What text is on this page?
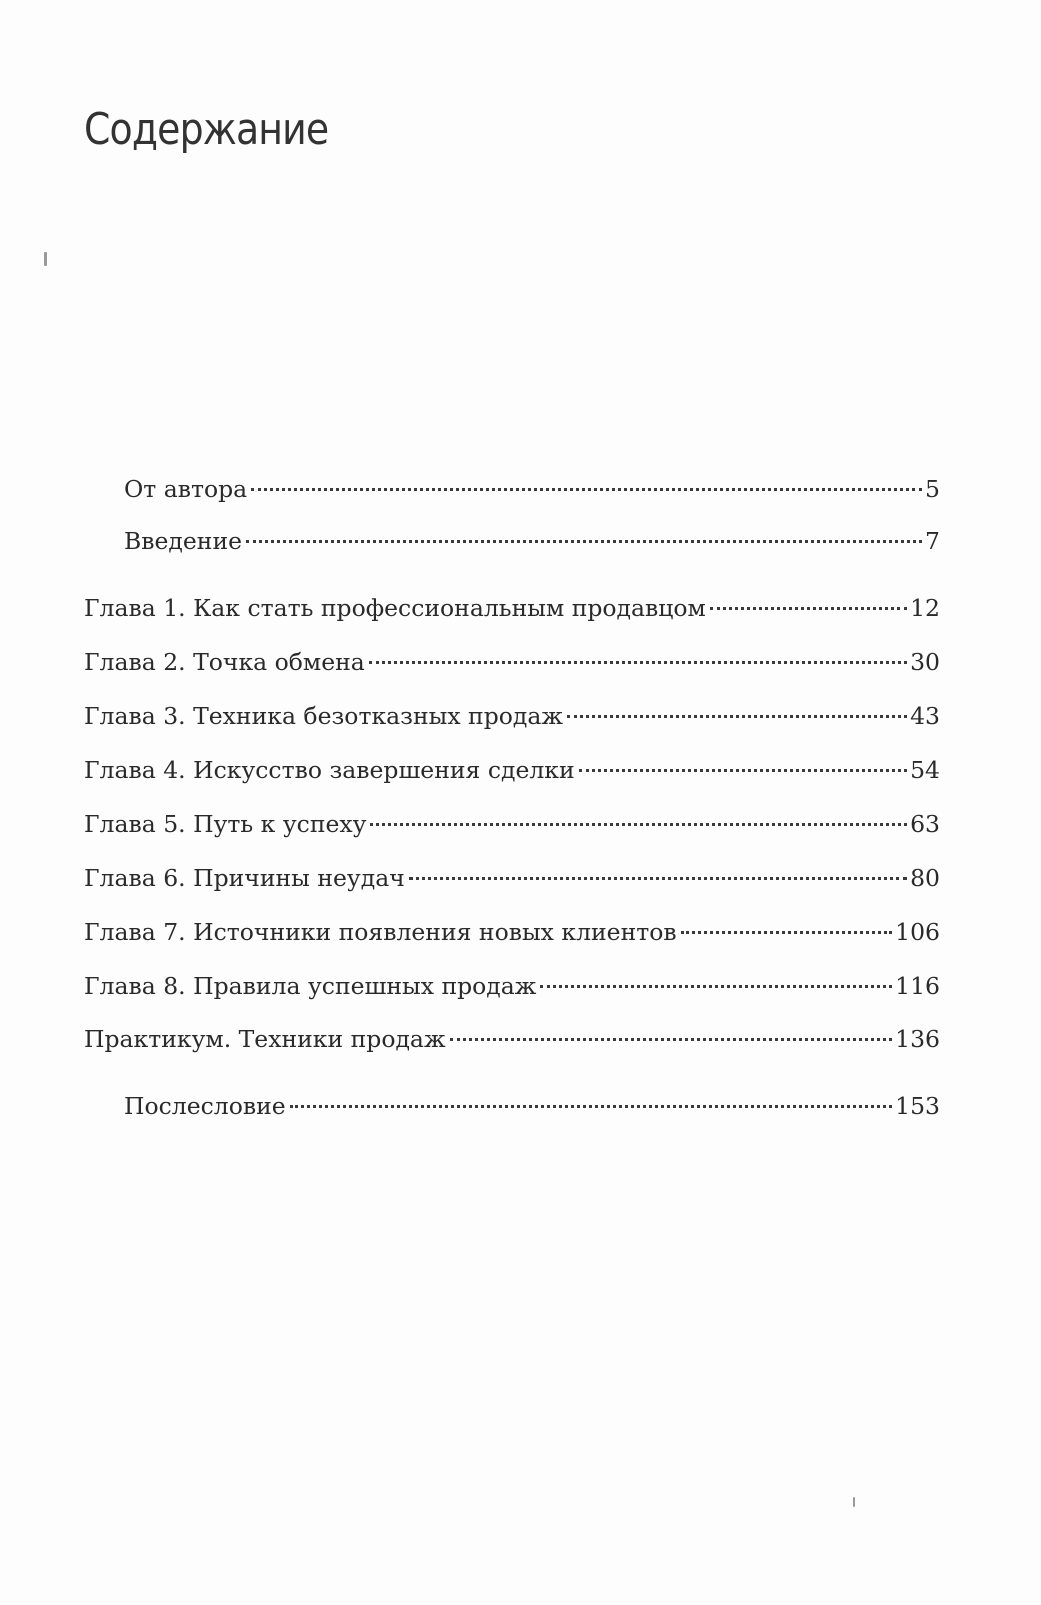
Содержание
От автора	5
Введение	7
Глава 1. Как стать профессиональным продавцом	12
Глава 2. Точка обмена	30
Глава 3. Техника безотказных продаж	43
Глава 4. Искусство завершения сделки	54
Глава 5. Путь к успеху	63
Глава 6. Причины неудач	80
Глава 7. Источники появления новых клиентов	106
Глава 8. Правила успешных продаж	116
Практикум. Техники продаж	136
Послесловие	153
